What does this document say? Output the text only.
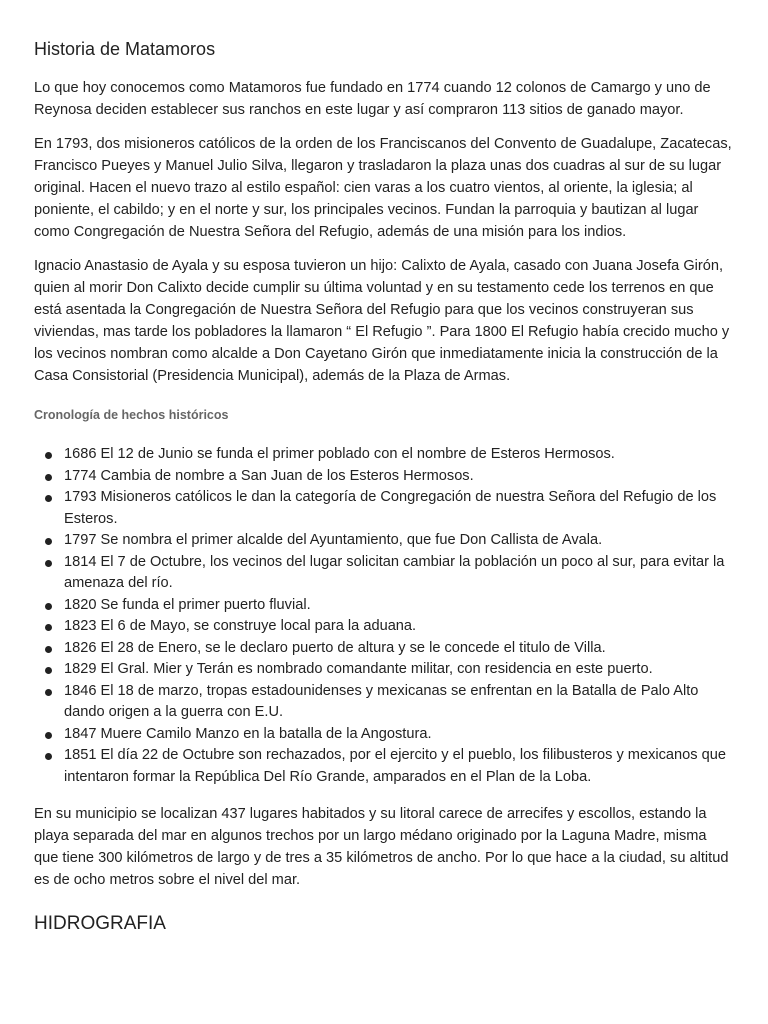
Historia de Matamoros

Lo que hoy conocemos como Matamoros fue fundado en 1774 cuando 12 colonos de Camargo y uno de Reynosa deciden establecer sus ranchos en este lugar y así compraron 113 sitios de ganado mayor.

En 1793, dos misioneros católicos de la orden de los Franciscanos del Convento de Guadalupe, Zacatecas, Francisco Pueyes y Manuel Julio Silva, llegaron y trasladaron la plaza unas dos cuadras al sur de su lugar original. Hacen el nuevo trazo al estilo español: cien varas a los cuatro vientos, al oriente, la iglesia; al poniente, el cabildo; y en el norte y sur, los principales vecinos. Fundan la parroquia y bautizan al lugar como Congregación de Nuestra Señora del Refugio, además de una misión para los indios.

Ignacio Anastasio de Ayala y su esposa tuvieron un hijo: Calixto de Ayala, casado con Juana Josefa Girón, quien al morir Don Calixto decide cumplir su última voluntad y en su testamento cede los terrenos en que está asentada la Congregación de Nuestra Señora del Refugio para que los vecinos construyeran sus viviendas, mas tarde los pobladores la llamaron “ El Refugio ”. Para 1800 El Refugio había crecido mucho y los vecinos nombran como alcalde a Don Cayetano Girón que inmediatamente inicia la construcción de la Casa Consistorial (Presidencia Municipal), además de la Plaza de Armas.

Cronología de hechos históricos
1686 El 12 de Junio se funda el primer poblado con el nombre de Esteros Hermosos.
1774 Cambia de nombre a San Juan de los Esteros Hermosos.
1793 Misioneros católicos le dan la categoría de Congregación de nuestra Señora del Refugio de los Esteros.
1797 Se nombra el primer alcalde del Ayuntamiento, que fue Don Callista de Avala.
1814 El 7 de Octubre, los vecinos del lugar solicitan cambiar la población un poco al sur, para evitar la amenaza del río.
1820 Se funda el primer puerto fluvial.
1823 El 6 de Mayo, se construye local para la aduana.
1826 El 28 de Enero, se le declaro puerto de altura y se le concede el titulo de Villa.
1829 El Gral. Mier y Terán es nombrado comandante militar, con residencia en este puerto.
1846 El 18 de marzo, tropas estadounidenses y mexicanas se enfrentan en la Batalla de Palo Alto dando origen a la guerra con E.U.
1847 Muere Camilo Manzo en la batalla de la Angostura.
1851 El día 22 de Octubre son rechazados, por el ejercito y el pueblo, los filibusteros y mexicanos que intentaron formar la República Del Río Grande, amparados en el Plan de la Loba.

En su municipio se localizan 437 lugares habitados y su litoral carece de arrecifes y escollos, estando la playa separada del mar en algunos trechos por un largo médano originado por la Laguna Madre, misma que tiene 300 kilómetros de largo y de tres a 35 kilómetros de ancho. Por lo que hace a la ciudad, su altitud es de ocho metros sobre el nivel del mar.

HIDROGRAFIA
